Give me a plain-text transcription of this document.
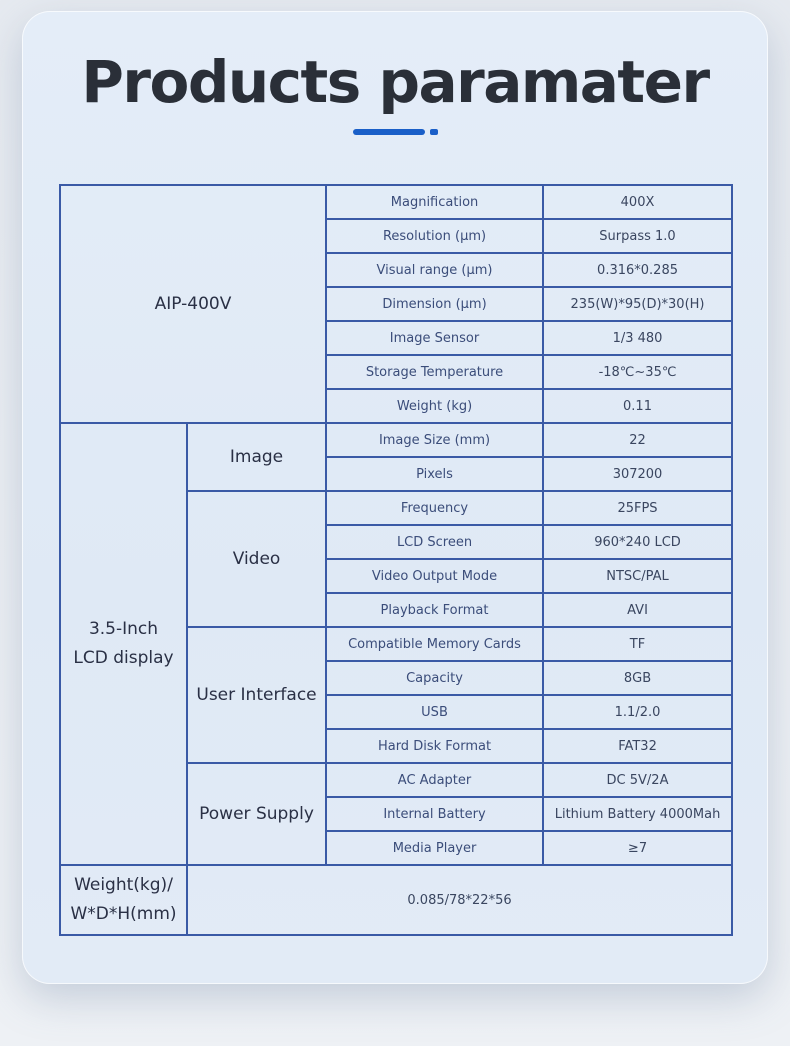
Products paramater
AIP-400V		Magnification	400X
		Resolution (μm)	Surpass 1.0
		Visual range (μm)	0.316*0.285
		Dimension (μm)	235(W)*95(D)*30(H)
		Image Sensor	1/3 480
		Storage Temperature	-18℃~35℃
		Weight (kg)	0.11
3.5-Inch
LCD display	Image	Image Size (mm)	22
		Pixels	307200
	Video	Frequency	25FPS
		LCD Screen	960*240 LCD
		Video Output Mode	NTSC/PAL
		Playback Format	AVI
	User Interface	Compatible Memory Cards	TF
		Capacity	8GB
		USB	1.1/2.0
		Hard Disk Format	FAT32
	Power Supply	AC Adapter	DC 5V/2A
		Internal Battery	Lithium Battery 4000Mah
		Media Player	≥7
Weight(kg)/
W*D*H(mm)	0.085/78*22*56		
